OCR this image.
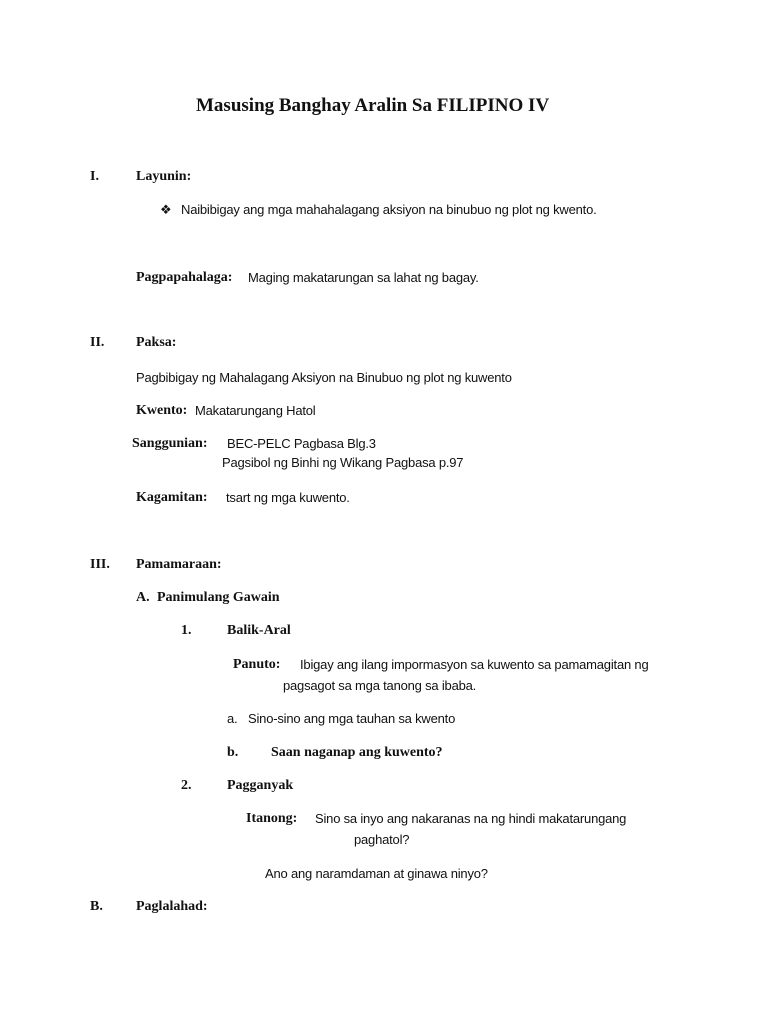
Masusing Banghay Aralin Sa FILIPINO IV
I.	Layunin:
❖ Naibibigay ang mga mahahalagang aksiyon na binubuo ng plot ng kwento.
Pagpapahalaga: Maging makatarungan sa lahat ng bagay.
II. Paksa:
Pagbibigay ng Mahalagang Aksiyon na Binubuo ng plot ng kuwento
Kwento: Makatarungang Hatol
Sanggunian: BEC-PELC Pagbasa Blg.3
Pagsibol ng Binhi ng Wikang Pagbasa p.97
Kagamitan: tsart ng mga kuwento.
III. Pamamaraan:
A. Panimulang Gawain
1.	Balik-Aral
Panuto: Ibigay ang ilang impormasyon sa kuwento sa pamamagitan ng
pagsagot sa mga tanong sa ibaba.
a. Sino-sino ang mga tauhan sa kwento
b. Saan naganap ang kuwento?
2.	Pagganyak
Itanong: Sino sa inyo ang nakaranas na ng hindi makatarungang
paghatol?
Ano ang naramdaman at ginawa ninyo?
B. Paglalahad:
